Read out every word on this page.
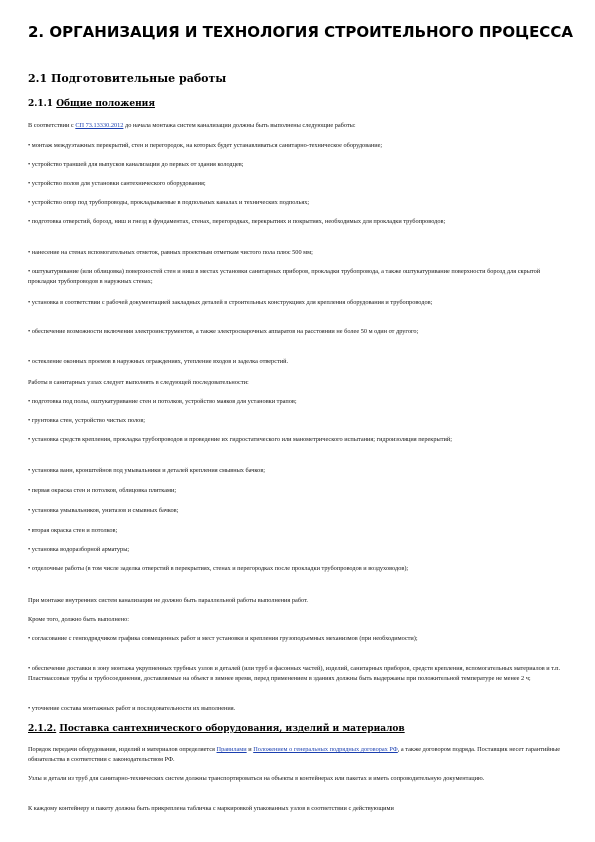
2. ОРГАНИЗАЦИЯ И ТЕХНОЛОГИЯ СТРОИТЕЛЬНОГО ПРОЦЕССА
2.1 Подготовительные работы
2.1.1 Общие положения

В соответствии с СП 73.13330.2012 до начала монтажа систем канализации должны быть выполнены следующие работы:

• монтаж междуэтажных перекрытий, стен и перегородок, на которых будет устанавливаться санитарно-техническое оборудование;

• устройство траншей для выпусков канализации до первых от здания колодцев;

• устройство полов для установки сантехнического оборудования;

• устройство опор под трубопроводы, прокладываемые в подпольных каналах и технических подпольях;

• подготовка отверстий, борозд, ниш и гнезд в фундаментах, стенах, перегородках, перекрытиях и покрытиях, необходимых для прокладки трубопроводов;

• нанесение на стенах вспомогательных отметок, равных проектным отметкам чистого пола плюс 500 мм;

• оштукатуривание (или облицовка) поверхностей стен и ниш в местах установки санитарных приборов, прокладки трубопровода, а также оштукатуривание поверхности борозд для скрытой прокладки трубопроводов в наружных стенах;

• установка в соответствии с рабочей документацией закладных деталей в строительных конструкциях для крепления оборудования и трубопроводов;

• обеспечение возможности включения электроинструментов, а также электросварочных аппаратов на расстоянии не более 50 м один от другого;

• остекление оконных проемов в наружных ограждениях, утепление входов и заделка отверстий.

Работы в санитарных узлах следует выполнять в следующей последовательности:

• подготовка под полы, оштукатуривание стен и потолков, устройство маяков для установки трапов;

• грунтовка стен, устройство чистых полов;

• установка средств крепления, прокладка трубопроводов и проведение их гидростатического или манометрического испытания; гидроизоляция перекрытий;

• установка ванн, кронштейнов под умывальники и деталей крепления смывных бачков;

• первая окраска стен и потолков, облицовка плитками;

• установка умывальников, унитазов и смывных бачков;

• вторая окраска стен и потолков;

• установка водоразборной арматуры;

• отделочные работы (в том числе заделка отверстий в перекрытиях, стенах и перегородках после прокладки трубопроводов и воздуховодов);

При монтаже внутренних систем канализации не должно быть параллельной работы выполнения работ.

Кроме того, должно быть выполнено:

• согласование с генподрядчиком графика совмещенных работ и мест установки и крепления грузоподъемных механизмов (при необходимости);

• обеспечение доставки в зону монтажа укрупненных трубных узлов и деталей (или труб и фасонных частей), изделий, санитарных приборов, средств крепления, вспомогательных материалов и т.п. Пластмассовые трубы и трубосоединения, доставляемые на объект в зимнее время, перед применением в зданиях должны быть выдержаны при положительной температуре не менее 2 ч;

• уточнение состава монтажных работ и последовательности их выполнения.

2.1.2. Поставка сантехнического оборудования, изделий и материалов

Порядок передачи оборудования, изделий и материалов определяется Правилами и Положением о генеральных подрядных договорах РФ, а также договором подряда. Поставщик несет гарантийные обязательства в соответствии с законодательством РФ.

Узлы и детали из труб для санитарно-технических систем должны транспортироваться на объекты в контейнерах или пакетах и иметь сопроводительную документацию.

К каждому контейнеру и пакету должна быть прикреплена табличка с маркировкой упакованных узлов в соответствии с действующими
